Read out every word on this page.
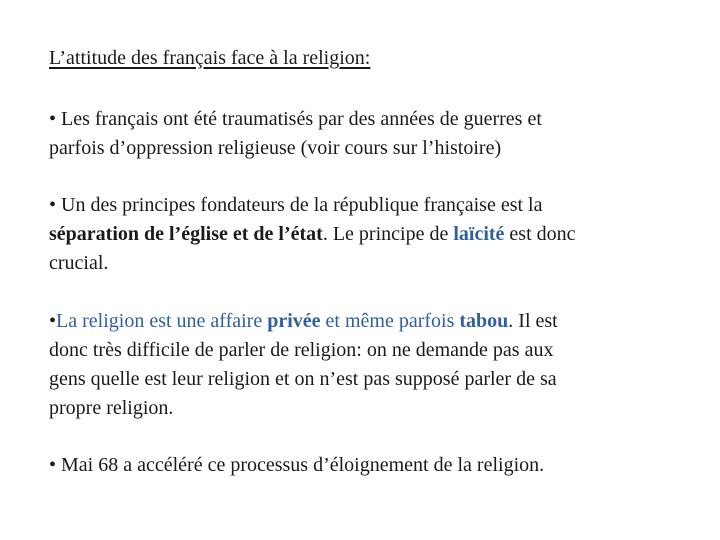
L’attitude des français face à la religion:

• Les français ont été traumatisés par des années de guerres et
parfois d’oppression religieuse (voir cours sur l’histoire)

• Un des principes fondateurs de la république française est la
séparation de l’église et de l’état. Le principe de laïcité est donc
crucial.

•La religion est une affaire privée et même parfois tabou. Il est
donc très difficile de parler de religion: on ne demande pas aux
gens quelle est leur religion et on n’est pas supposé parler de sa
propre religion.

• Mai 68 a accéléré ce processus d’éloignement de la religion.
